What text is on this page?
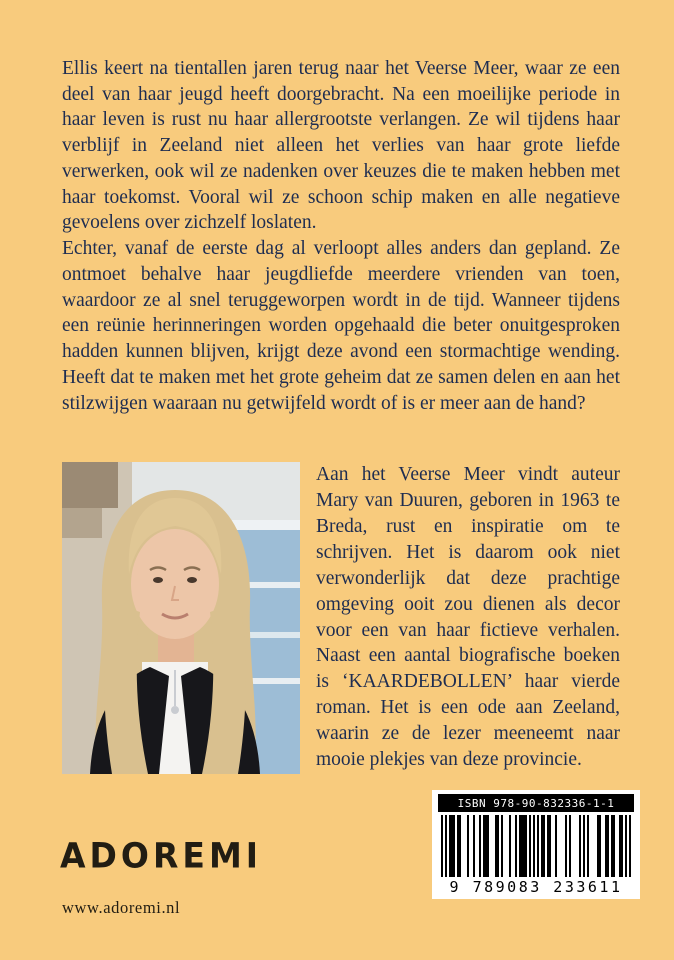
Ellis keert na tientallen jaren terug naar het Veerse Meer, waar ze een deel van haar jeugd heeft doorgebracht. Na een moeilijke periode in haar leven is rust nu haar allergrootste verlangen. Ze wil tijdens haar verblijf in Zeeland niet alleen het verlies van haar grote liefde verwerken, ook wil ze nadenken over keuzes die te maken hebben met haar toekomst. Vooral wil ze schoon schip maken en alle negatieve gevoelens over zichzelf loslaten.

Echter, vanaf de eerste dag al verloopt alles anders dan gepland. Ze ontmoet behalve haar jeugdliefde meerdere vrienden van toen, waardoor ze al snel teruggeworpen wordt in de tijd. Wanneer tijdens een reünie herinneringen worden opgehaald die beter onuitgesproken hadden kunnen blijven, krijgt deze avond een stormachtige wending. Heeft dat te maken met het grote geheim dat ze samen delen en aan het stilzwijgen waaraan nu getwijfeld wordt of is er meer aan de hand?

Aan het Veerse Meer vindt auteur Mary van Duuren, geboren in 1963 te Breda, rust en inspiratie om te schrijven. Het is daarom ook niet verwonderlijk dat deze prachtige omgeving ooit zou dienen als decor voor een van haar fictieve verhalen. Naast een aantal biografische boeken is ‘KAARDEBOLLEN’ haar vierde roman. Het is een ode aan Zeeland, waarin ze de lezer meeneemt naar mooie plekjes van deze provincie.

ADOREMI
www.adoremi.nl
ISBN 978-90-832336-1-1
9 789083 233611
